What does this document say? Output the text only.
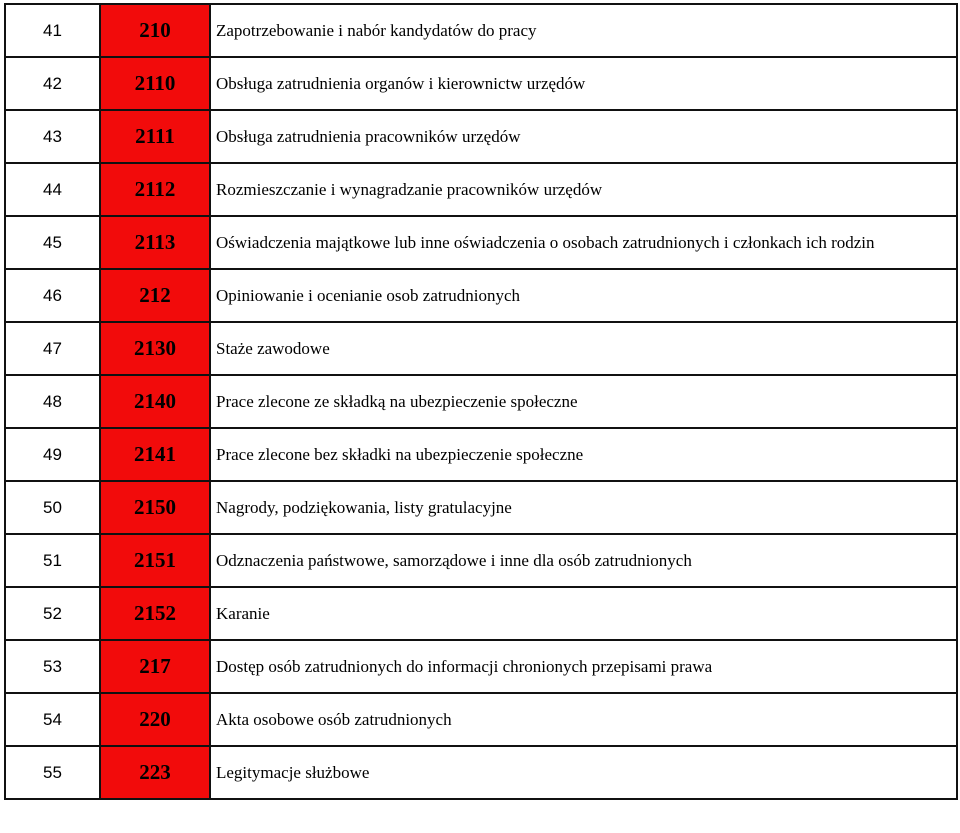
41	210	Zapotrzebowanie i nabór kandydatów do pracy
42	2110	Obsługa zatrudnienia organów i kierownictw urzędów
43	2111	Obsługa zatrudnienia pracowników urzędów
44	2112	Rozmieszczanie i wynagradzanie pracowników urzędów
45	2113	Oświadczenia majątkowe lub inne oświadczenia o osobach zatrudnionych i członkach ich rodzin
46	212	Opiniowanie i ocenianie osob zatrudnionych
47	2130	Staże zawodowe
48	2140	Prace zlecone ze składką na ubezpieczenie społeczne
49	2141	Prace zlecone bez składki na ubezpieczenie społeczne
50	2150	Nagrody, podziękowania, listy gratulacyjne
51	2151	Odznaczenia państwowe, samorządowe i inne dla osób zatrudnionych
52	2152	Karanie
53	217	Dostęp osób zatrudnionych do informacji chronionych przepisami prawa
54	220	Akta osobowe osób zatrudnionych
55	223	Legitymacje służbowe
